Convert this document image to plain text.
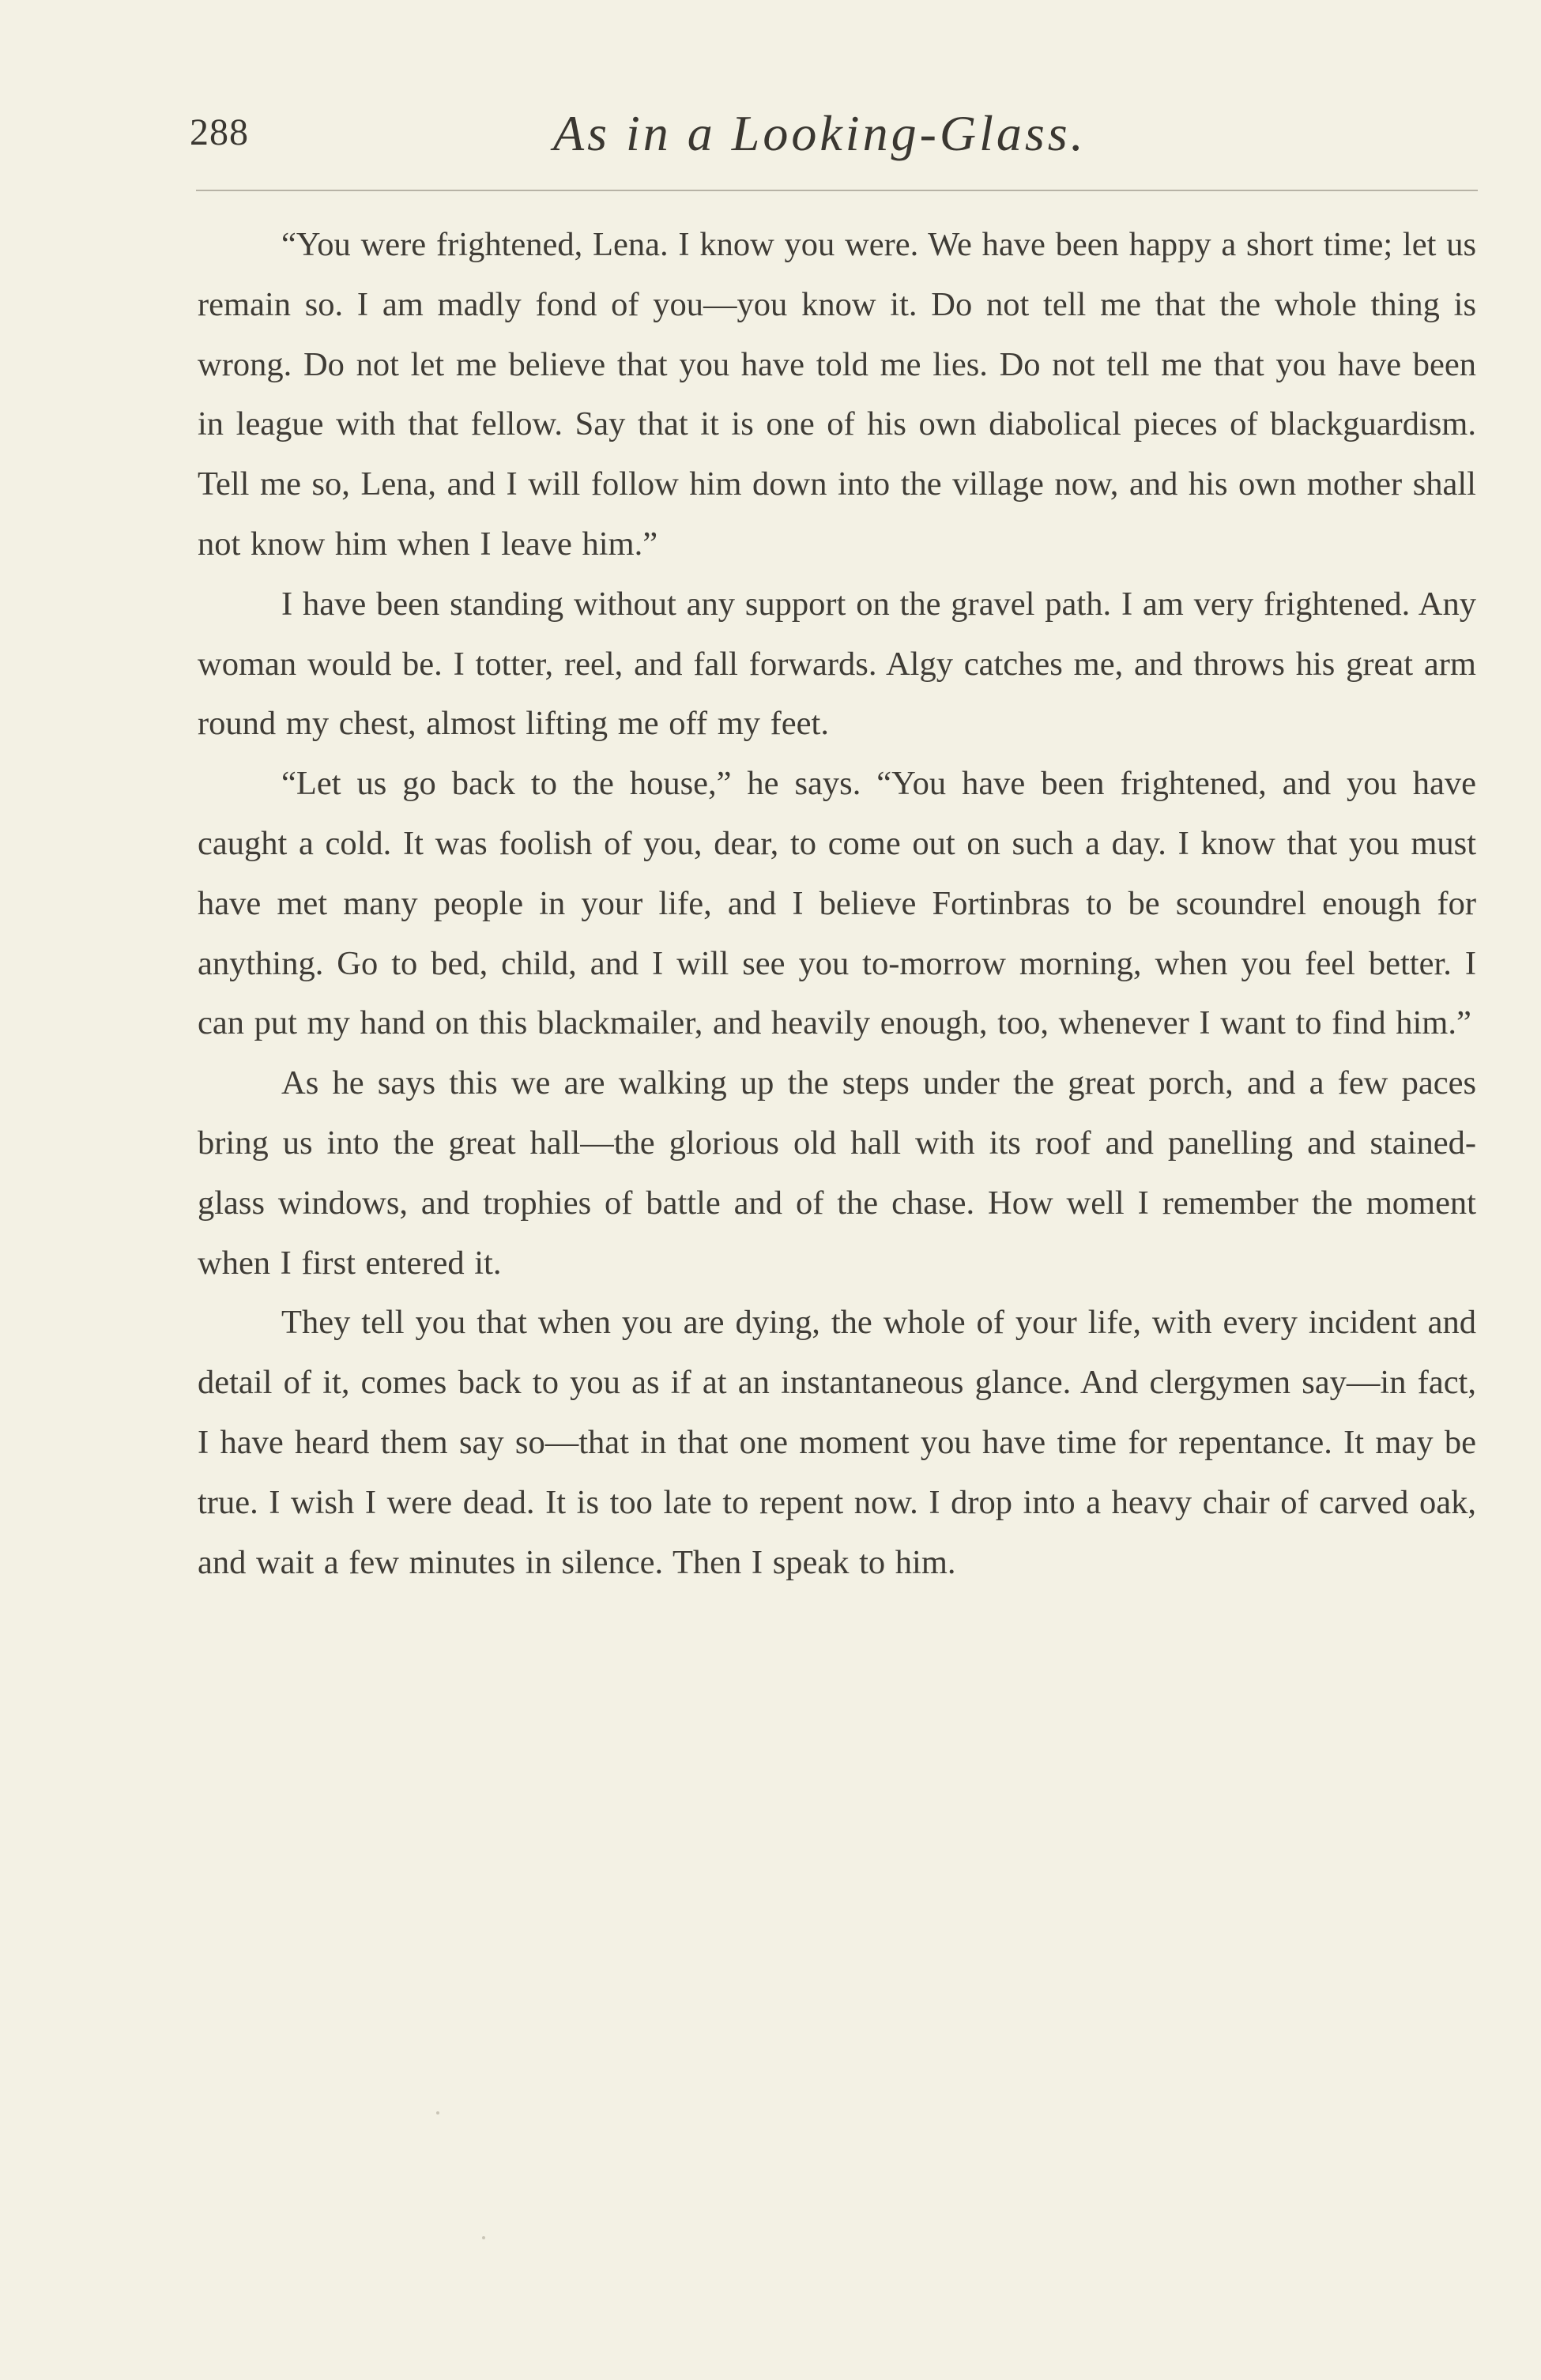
288	As in a Looking-Glass.

“You were frightened, Lena. I know you were. We have been happy a short time; let us remain so. I am madly fond of you—you know it. Do not tell me that the whole thing is wrong. Do not let me believe that you have told me lies. Do not tell me that you have been in league with that fellow. Say that it is one of his own diabolical pieces of blackguardism. Tell me so, Lena, and I will follow him down into the village now, and his own mother shall not know him when I leave him.”

I have been standing without any support on the gravel path. I am very frightened. Any woman would be. I totter, reel, and fall forwards. Algy catches me, and throws his great arm round my chest, almost lifting me off my feet.

“Let us go back to the house,” he says. “You have been frightened, and you have caught a cold. It was foolish of you, dear, to come out on such a day. I know that you must have met many people in your life, and I believe Fortinbras to be scoundrel enough for anything. Go to bed, child, and I will see you to-morrow morning, when you feel better. I can put my hand on this blackmailer, and heavily enough, too, whenever I want to find him.”

As he says this we are walking up the steps under the great porch, and a few paces bring us into the great hall—the glorious old hall with its roof and panelling and stained-glass windows, and trophies of battle and of the chase. How well I remember the moment when I first entered it.

They tell you that when you are dying, the whole of your life, with every incident and detail of it, comes back to you as if at an instantaneous glance. And clergymen say—in fact, I have heard them say so—that in that one moment you have time for repentance. It may be true. I wish I were dead. It is too late to repent now. I drop into a heavy chair of carved oak, and wait a few minutes in silence. Then I speak to him.
